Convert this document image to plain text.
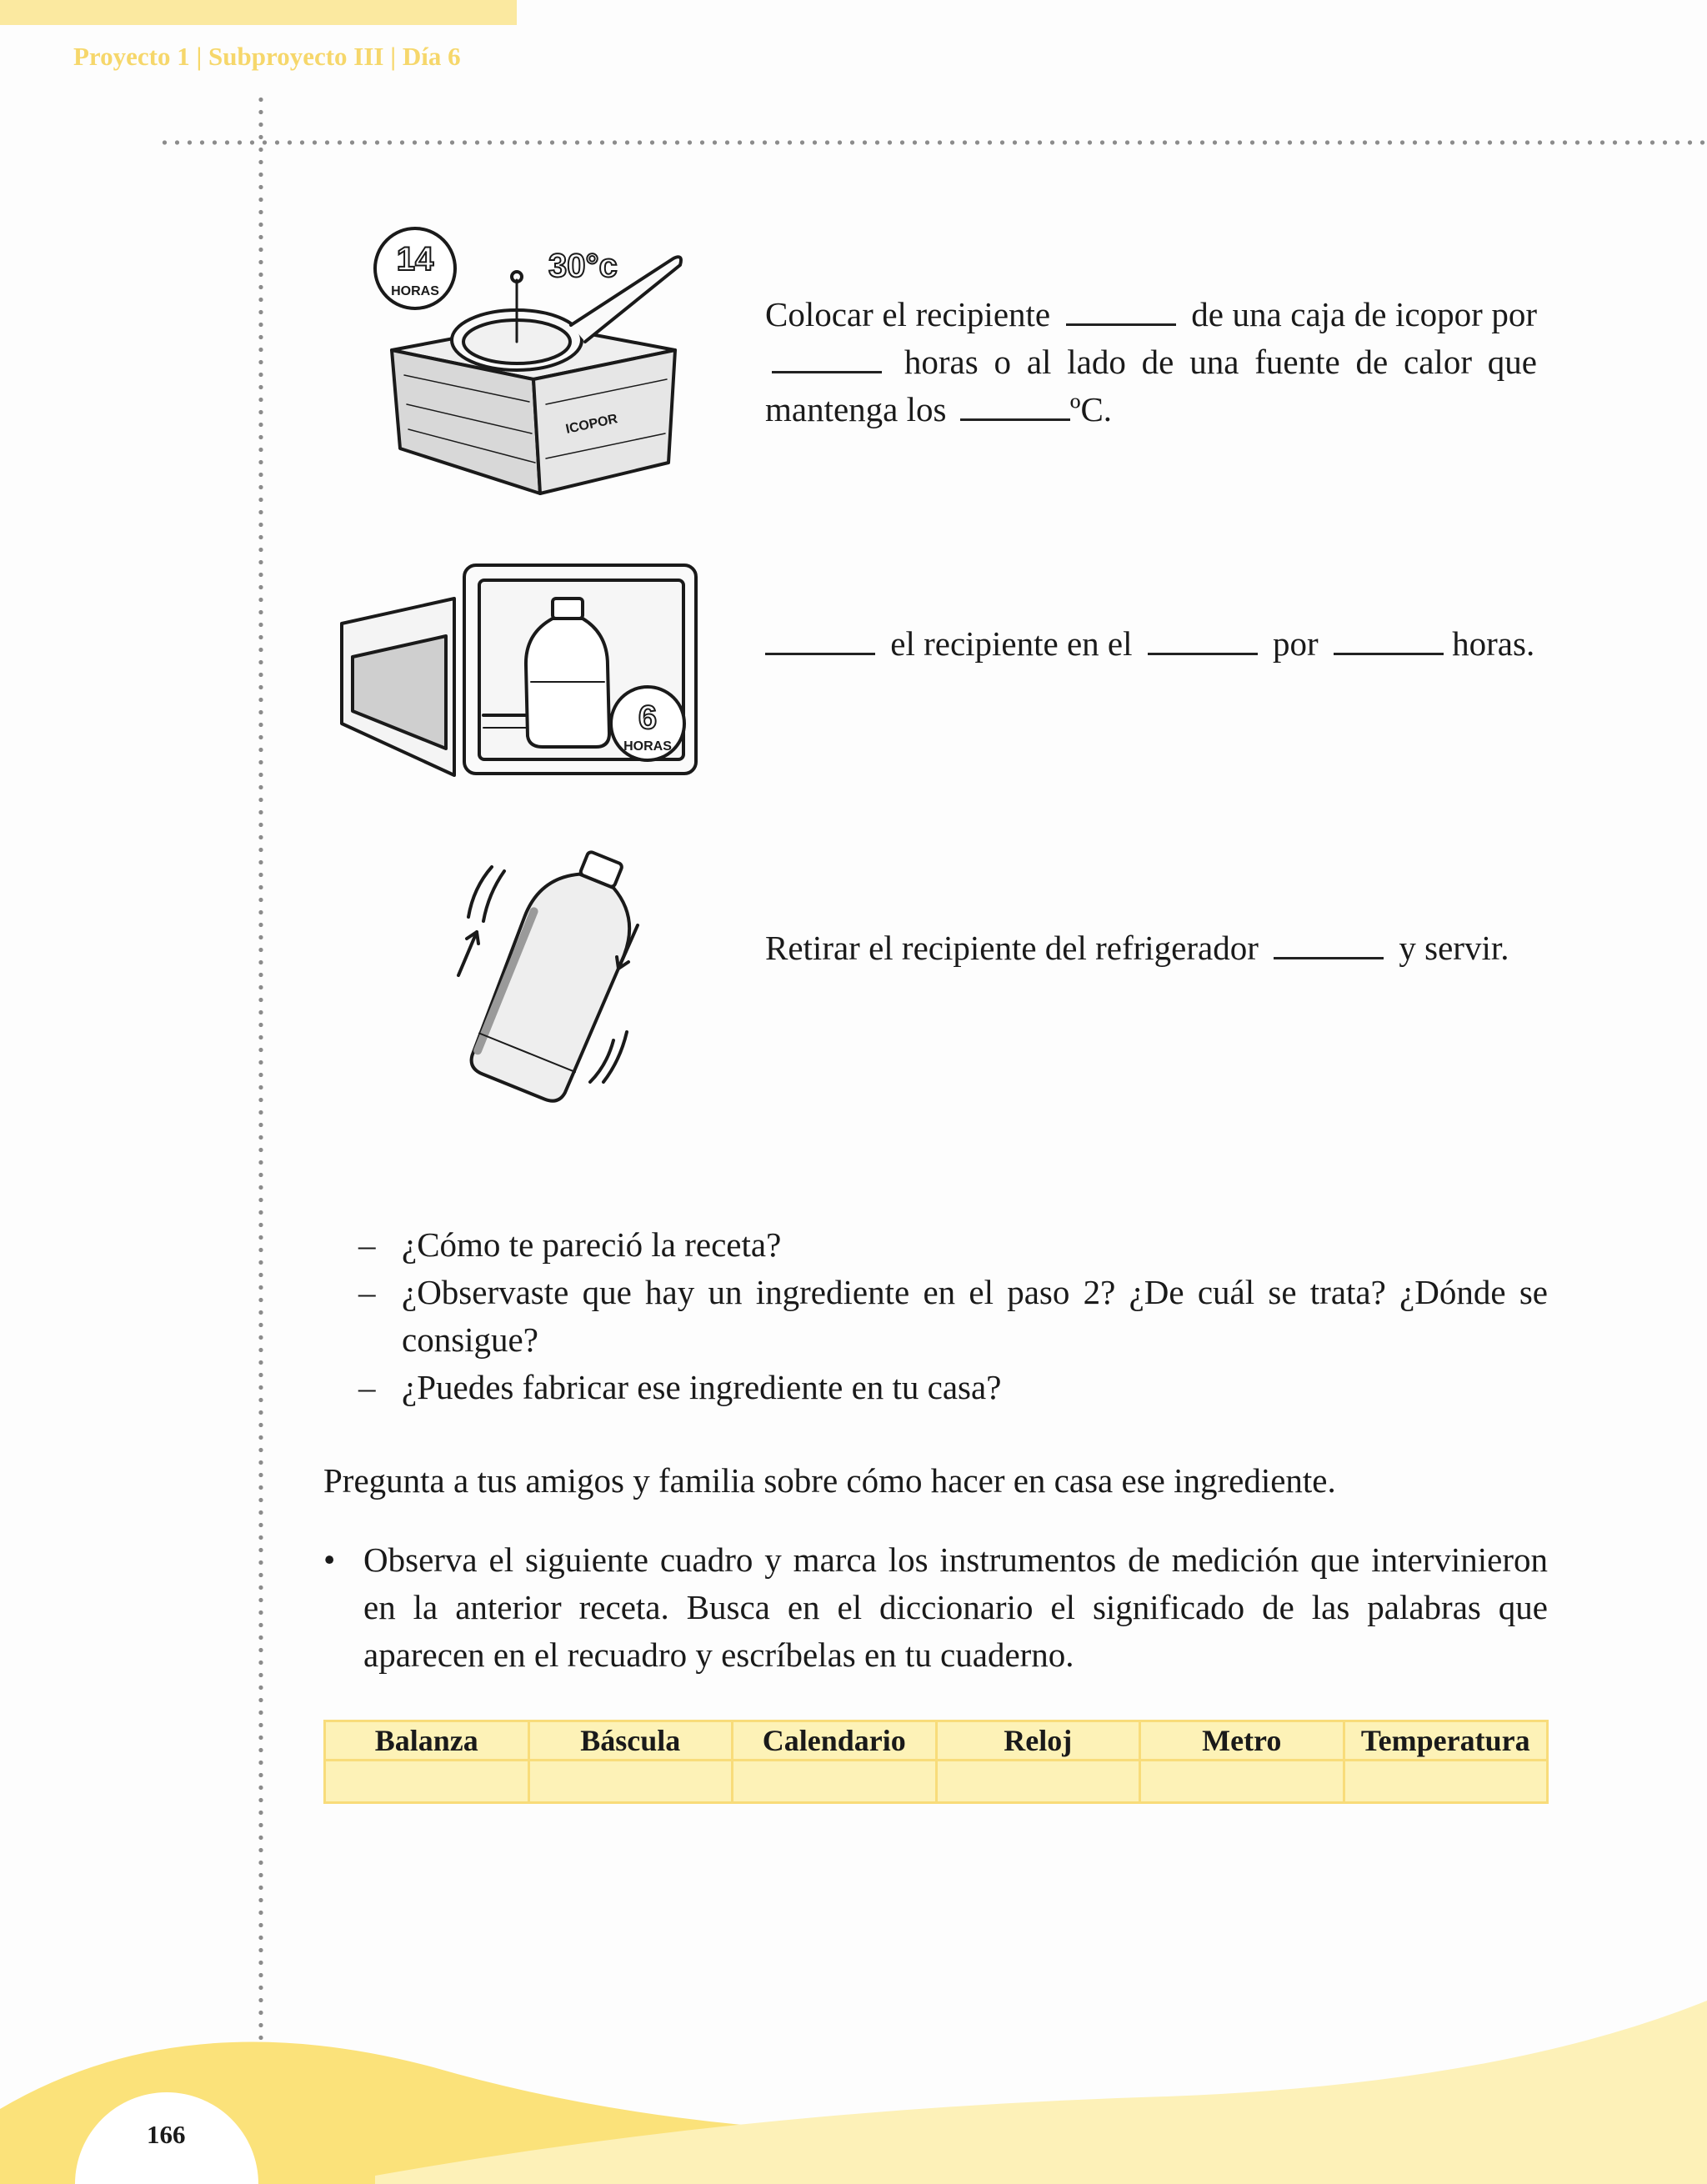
Proyecto 1 | Subproyecto III | Día 6
14
HORAS
30°c
ICOPOR
Colocar el recipiente	de una caja de icopor por  horas o al lado de una fuente de calor que mantenga los	ºC.
6
HORAS
el recipiente en el	por	horas.
Retirar el recipiente del refrigerador	y servir.
– ¿Cómo te pareció la receta?
– ¿Observaste que hay un ingrediente en el paso 2? ¿De cuál se trata? ¿Dónde se consigue?
– ¿Puedes fabricar ese ingrediente en tu casa?
Pregunta a tus amigos y familia sobre cómo hacer en casa ese ingrediente.
• Observa el siguiente cuadro y marca los instrumentos de medición que intervinieron en la anterior receta. Busca en el diccionario el significado de las palabras que aparecen en el recuadro y escríbelas en tu cuaderno.
Balanza	Báscula	Calendario	Reloj	Metro	Temperatura

166
